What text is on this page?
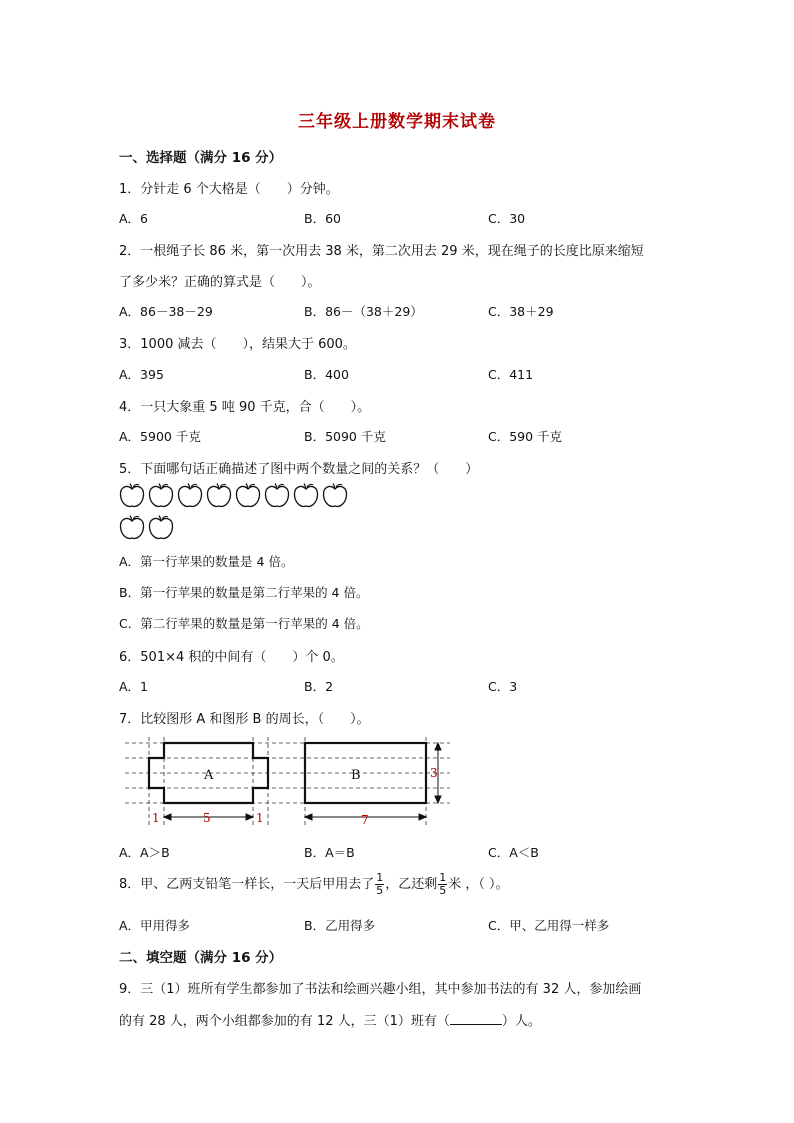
三年级上册数学期末试卷
一、选择题（满分 16 分）
1．分针走 6 个大格是（　　）分钟。
A．6	B．60	C．30
2．一根绳子长 86 米，第一次用去 38 米，第二次用去 29 米，现在绳子的长度比原来缩短
了多少米？正确的算式是（　　）。
A．86－38－29	B．86－（38＋29）	C．38＋29
3．1000 减去（　　），结果大于 600。
A．395	B．400	C．411
4．一只大象重 5 吨 90 千克，合（　　）。
A．5900 千克	B．5090 千克	C．590 千克
5．下面哪句话正确描述了图中两个数量之间的关系？（　　）
A．第一行苹果的数量是 4 倍。
B．第一行苹果的数量是第二行苹果的 4 倍。
C．第二行苹果的数量是第一行苹果的 4 倍。
6．501×4 积的中间有（　　）个 0。
A．1	B．2	C．3
7．比较图形 A 和图形 B 的周长，（　　）。
A	B	3
5
1	1	7
A．A＞B	B．A＝B	C．A＜B
8．甲、乙两支铅笔一样长，一天后甲用去了 $\frac{1}{5}$ ，乙还剩 $\frac{1}{5}$ 米 ，（ ）。
A．甲用得多	B．乙用得多	C．甲、乙用得一样多
二、填空题（满分 16 分）
9．三（1）班所有学生都参加了书法和绘画兴趣小组，其中参加书法的有 32 人，参加绘画
的有 28 人，两个小组都参加的有 12 人，三（1）班有（	）人。
